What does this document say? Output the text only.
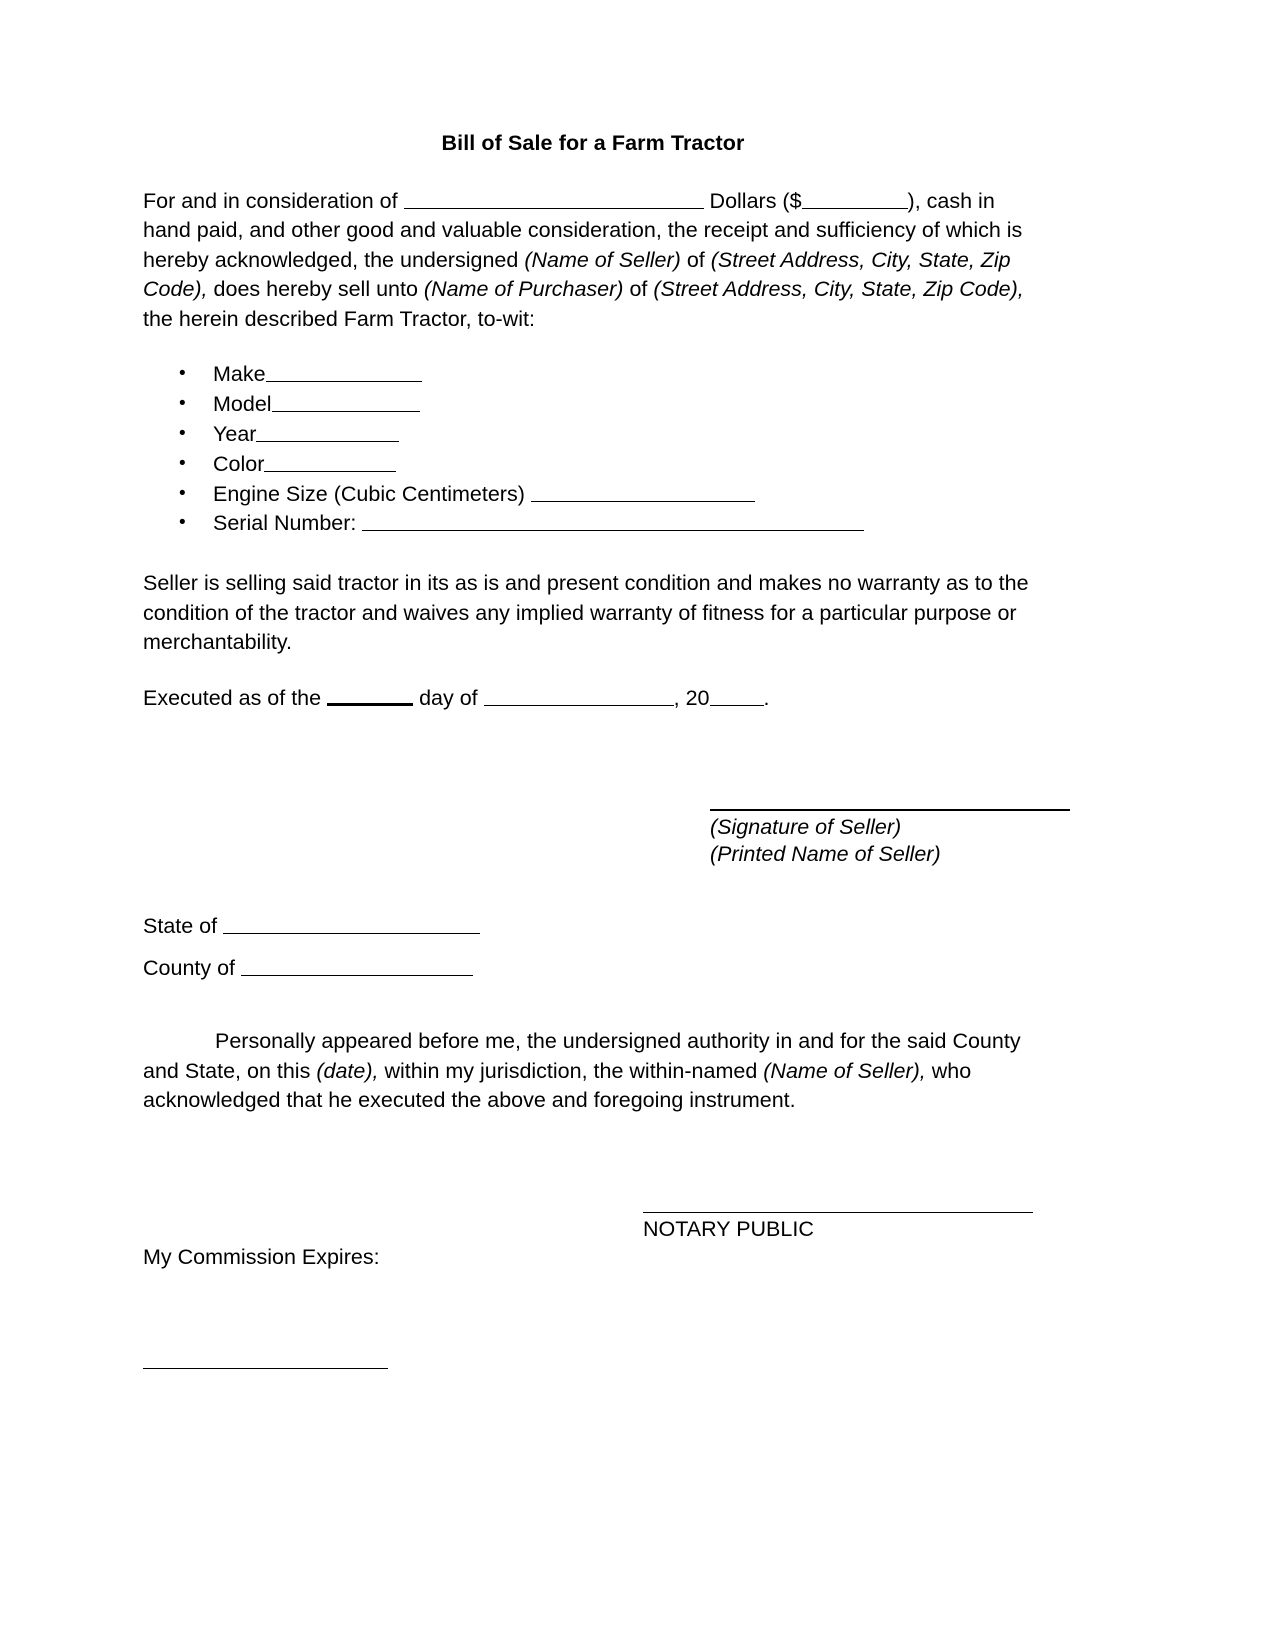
Bill of Sale for a Farm Tractor

For and in consideration of	Dollars ($	), cash in hand paid, and other good and valuable consideration, the receipt and sufficiency of which is hereby acknowledged, the undersigned (Name of Seller) of (Street Address, City, State, Zip Code), does hereby sell unto (Name of Purchaser) of (Street Address, City, State, Zip Code), the herein described Farm Tractor, to-wit:

• Make
• Model
• Year
• Color
• Engine Size (Cubic Centimeters)
• Serial Number:

Seller is selling said tractor in its as is and present condition and makes no warranty as to the condition of the tractor and waives any implied warranty of fitness for a particular purpose or merchantability.

Executed as of the	day of	, 20	.

(Signature of Seller)
(Printed Name of Seller)
State of
County of

Personally appeared before me, the undersigned authority in and for the said County and State, on this (date), within my jurisdiction, the within-named (Name of Seller), who acknowledged that he executed the above and foregoing instrument.

NOTARY PUBLIC
My Commission Expires:
